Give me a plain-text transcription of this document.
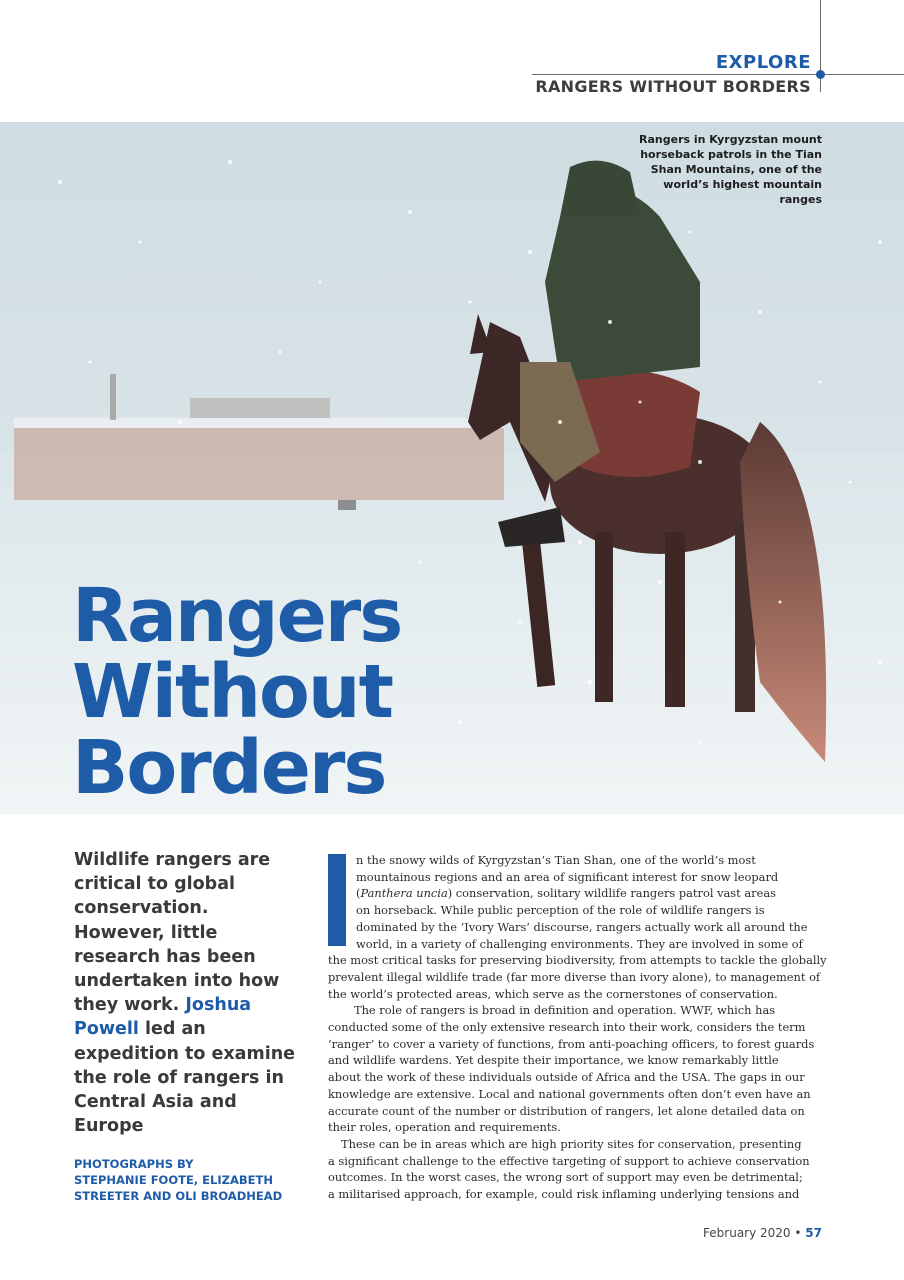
EXPLORE

RANGERS WITHOUT BORDERS

Rangers in Kyrgyzstan mount horseback patrols in the Tian Shan Mountains, one of the world’s highest mountain ranges

Rangers
Without
Borders

Wildlife rangers are critical to global conservation. However, little research has been undertaken into how they work. Joshua Powell led an expedition to examine the role of rangers in Central Asia and Europe

PHOTOGRAPHS BY
STEPHANIE FOOTE, ELIZABETH
STREETER AND OLI BROADHEAD

n the snowy wilds of Kyrgyzstan’s Tian Shan, one of the world’s most
mountainous regions and an area of significant interest for snow leopard
(Panthera uncia) conservation, solitary wildlife rangers patrol vast areas
on horseback. While public perception of the role of wildlife rangers is
dominated by the ‘Ivory Wars’ discourse, rangers actually work all around the
world, in a variety of challenging environments. They are involved in some of
the most critical tasks for preserving biodiversity, from attempts to tackle the globally
prevalent illegal wildlife trade (far more diverse than ivory alone), to management of
the world’s protected areas, which serve as the cornerstones of conservation.

The role of rangers is broad in definition and operation. WWF, which has
conducted some of the only extensive research into their work, considers the term
‘ranger’ to cover a variety of functions, from anti-poaching officers, to forest guards
and wildlife wardens. Yet despite their importance, we know remarkably little
about the work of these individuals outside of Africa and the USA. The gaps in our
knowledge are extensive. Local and national governments often don’t even have an
accurate count of the number or distribution of rangers, let alone detailed data on
their roles, operation and requirements.

These can be in areas which are high priority sites for conservation, presenting
a significant challenge to the effective targeting of support to achieve conservation
outcomes. In the worst cases, the wrong sort of support may even be detrimental;
a militarised approach, for example, could risk inflaming underlying tensions and

February 2020 • 57
